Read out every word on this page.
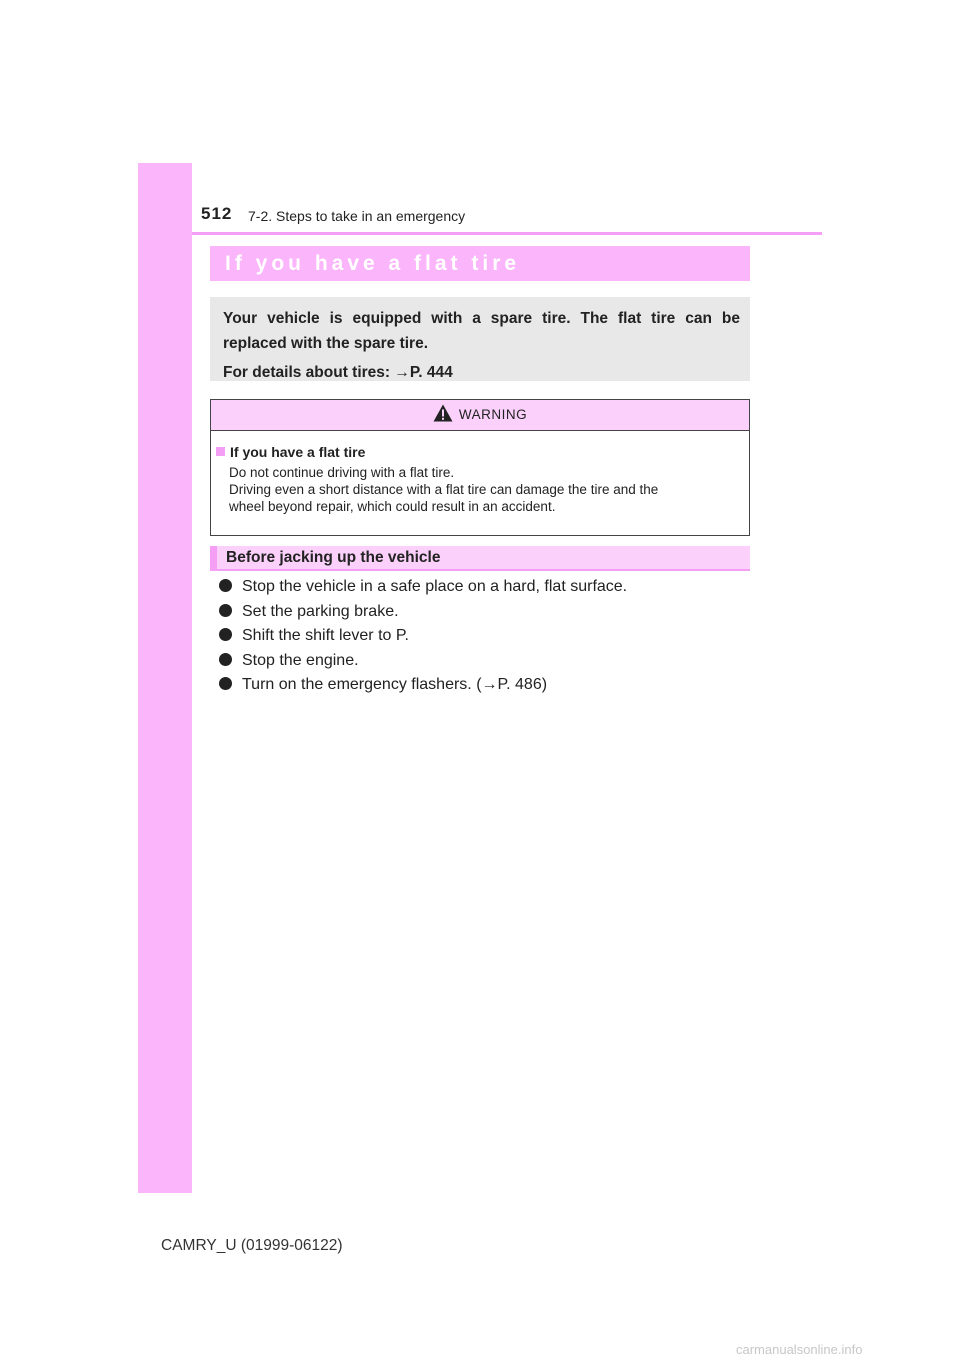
512 7-2. Steps to take in an emergency
If you have a flat tire
Your vehicle is equipped with a spare tire. The flat tire can be
replaced with the spare tire.
For details about tires: →P. 444
WARNING
If you have a flat tire
Do not continue driving with a flat tire.
Driving even a short distance with a flat tire can damage the tire and the
wheel beyond repair, which could result in an accident.
Before jacking up the vehicle
Stop the vehicle in a safe place on a hard, flat surface.
Set the parking brake.
Shift the shift lever to P.
Stop the engine.
Turn on the emergency flashers. (→P. 486)
CAMRY_U (01999-06122)
carmanualsonline.info
